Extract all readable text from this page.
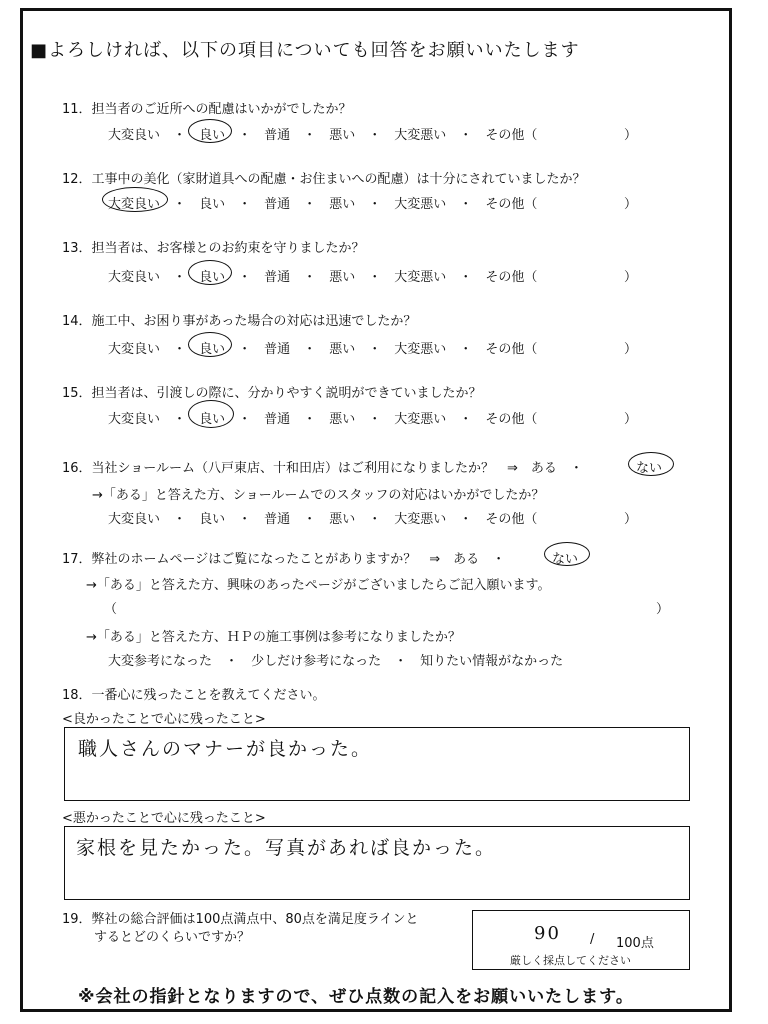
■よろしければ、以下の項目についても回答をお願いいたします
11．担当者のご近所への配慮はいかがでしたか？
大変良い　 ・　 良い　 ・　 普通　 ・　 悪い　 ・　 大変悪い　 ・　 その他（	）
12．工事中の美化（家財道具への配慮・お住まいへの配慮）は十分にされていましたか？
大変良い　 ・　 良い　 ・　 普通　 ・　 悪い　 ・　 大変悪い　 ・　 その他（	）
13．担当者は、お客様とのお約束を守りましたか？
大変良い　 ・　 良い　 ・　 普通　 ・　 悪い　 ・　 大変悪い　 ・　 その他（	）
14．施工中、お困り事があった場合の対応は迅速でしたか？
大変良い　 ・　 良い　 ・　 普通　 ・　 悪い　 ・　 大変悪い　 ・　 その他（	）
15．担当者は、引渡しの際に、分かりやすく説明ができていましたか？
大変良い　 ・　 良い　 ・　 普通　 ・　 悪い　 ・　 大変悪い　 ・　 その他（	）
16．当社ショールーム（八戸東店、十和田店）はご利用になりましたか？　⇒　ある　・	ない
→「ある」と答えた方、ショールームでのスタッフの対応はいかがでしたか？
大変良い　 ・　 良い　 ・　 普通　 ・　 悪い　 ・　 大変悪い　 ・　 その他（	）
17．弊社のホームページはご覧になったことがありますか？　⇒　ある　・	ない
→「ある」と答えた方、興味のあったページがございましたらご記入願います。
（	）
→「ある」と答えた方、ＨＰの施工事例は参考になりましたか？
大変参考になった　 ・　 少しだけ参考になった　 ・　 知りたい情報がなかった
18．一番心に残ったことを教えてください。
<良かったことで心に残ったこと>
職人さんのマナーが良かった。
<悪かったことで心に残ったこと>
家根を見たかった。写真があれば良かった。
19．弊社の総合評価は100点満点中、80点を満足度ラインと
するとどのくらいですか？	90 / 100点
厳しく採点してください
※会社の指針となりますので、ぜひ点数の記入をお願いいたします。
